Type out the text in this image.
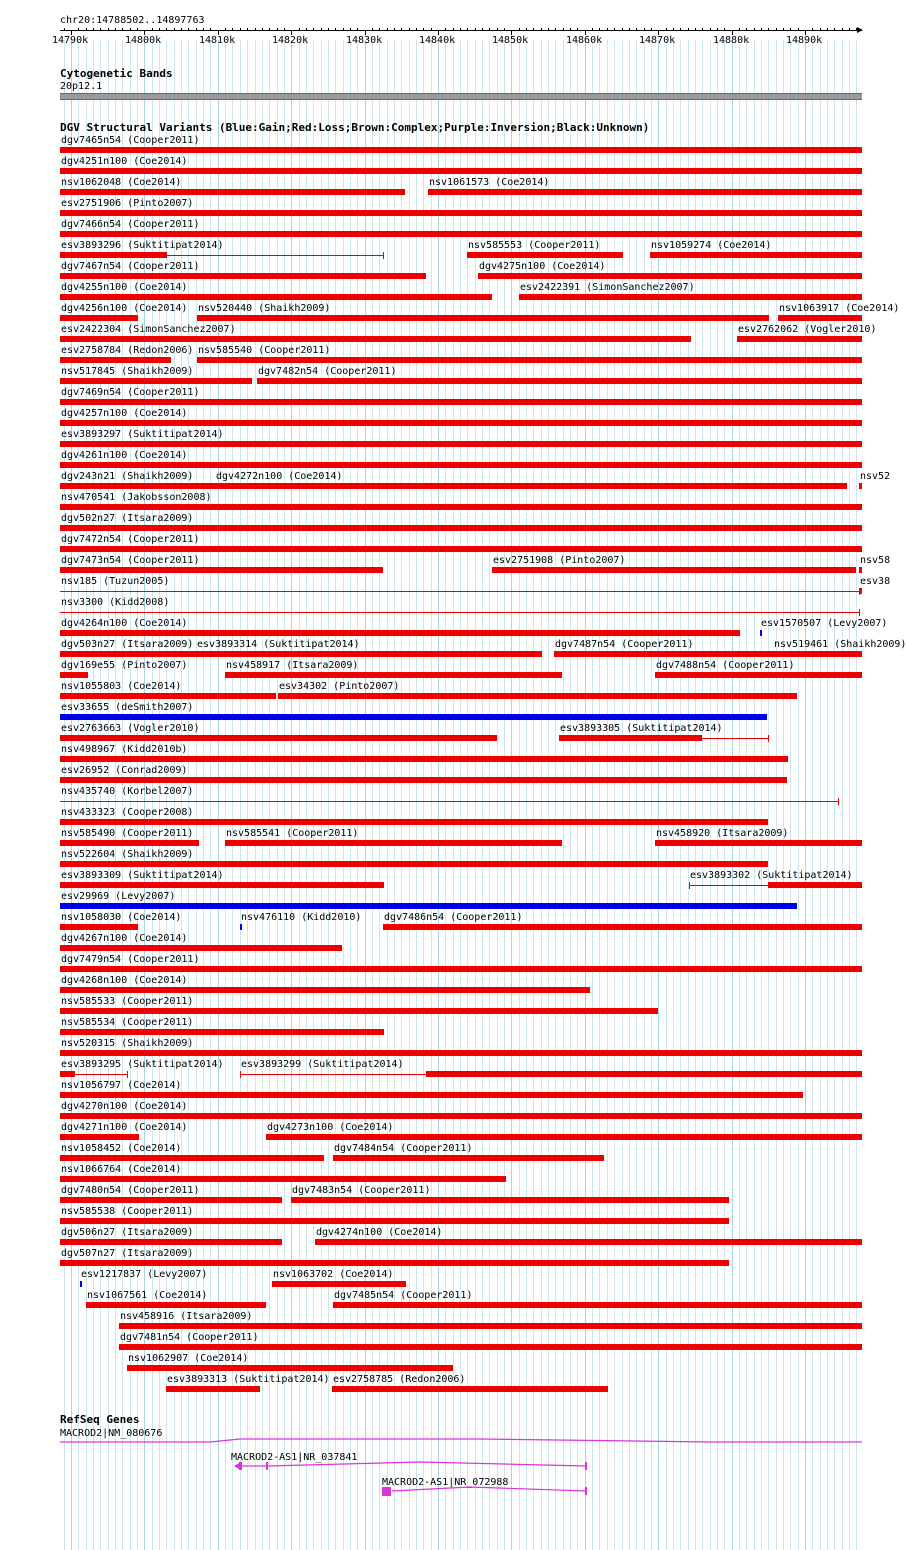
chr20:14788502..14897763
14790k	14800k	14810k	14820k	14830k	14840k	14850k	14860k	14870k	14880k	14890k
Cytogenetic Bands
20p12.1
DGV Structural Variants (Blue:Gain;Red:Loss;Brown:Complex;Purple:Inversion;Black:Unknown)
dgv7465n54 (Cooper2011)
dgv4251n100 (Coe2014)
nsv1062048 (Coe2014)	nsv1061573 (Coe2014)
esv2751906 (Pinto2007)
dgv7466n54 (Cooper2011)
esv3893296 (Suktitipat2014)	nsv585553 (Cooper2011)	nsv1059274 (Coe2014)
dgv7467n54 (Cooper2011)	dgv4275n100 (Coe2014)
dgv4255n100 (Coe2014)	esv2422391 (SimonSanchez2007)
dgv4256n100 (Coe2014) nsv520440 (Shaikh2009)	nsv1063917 (Coe2014)
esv2422304 (SimonSanchez2007)	esv2762062 (Vogler2010)
esv2758784 (Redon2006) nsv585540 (Cooper2011)
nsv517845 (Shaikh2009)	dgv7482n54 (Cooper2011)
dgv7469n54 (Cooper2011)
dgv4257n100 (Coe2014)
esv3893297 (Suktitipat2014)
dgv4261n100 (Coe2014)
dgv243n21 (Shaikh2009) dgv4272n100 (Coe2014)	nsv52
nsv470541 (Jakobsson2008)
dgv502n27 (Itsara2009)
dgv7472n54 (Cooper2011)
dgv7473n54 (Cooper2011)	esv2751908 (Pinto2007)	nsv58
nsv185 (Tuzun2005)	esv38
nsv3300 (Kidd2008)
dgv4264n100 (Coe2014)	esv1570507 (Levy2007)
dgv503n27 (Itsara2009) esv3893314 (Suktitipat2014)	dgv7487n54 (Cooper2011)	nsv519461 (Shaikh2009)
dgv169e55 (Pinto2007)	nsv458917 (Itsara2009)	dgv7488n54 (Cooper2011)
nsv1055803 (Coe2014)	esv34302 (Pinto2007)
esv33655 (deSmith2007)
esv2763663 (Vogler2010)	esv3893305 (Suktitipat2014)
nsv498967 (Kidd2010b)
esv26952 (Conrad2009)
nsv435740 (Korbel2007)
nsv433323 (Cooper2008)
nsv585490 (Cooper2011)	nsv585541 (Cooper2011)	nsv458920 (Itsara2009)
nsv522604 (Shaikh2009)
esv3893309 (Suktitipat2014)	esv3893302 (Suktitipat2014)
esv29969 (Levy2007)
nsv1058030 (Coe2014)	nsv476110 (Kidd2010) dgv7486n54 (Cooper2011)
dgv4267n100 (Coe2014)
dgv7479n54 (Cooper2011)
dgv4268n100 (Coe2014)
nsv585533 (Cooper2011)
nsv585534 (Cooper2011)
nsv520315 (Shaikh2009)
esv3893295 (Suktitipat2014) esv3893299 (Suktitipat2014)
nsv1056797 (Coe2014)
dgv4270n100 (Coe2014)
dgv4271n100 (Coe2014)	dgv4273n100 (Coe2014)
nsv1058452 (Coe2014)	dgv7484n54 (Cooper2011)
nsv1066764 (Coe2014)
dgv7480n54 (Cooper2011)	dgv7483n54 (Cooper2011)
nsv585538 (Cooper2011)
dgv506n27 (Itsara2009)	dgv4274n100 (Coe2014)
dgv507n27 (Itsara2009)
esv1217837 (Levy2007)	nsv1063702 (Coe2014)
nsv1067561 (Coe2014)	dgv7485n54 (Cooper2011)
nsv458916 (Itsara2009)
dgv7481n54 (Cooper2011)
nsv1062907 (Coe2014)
esv3893313 (Suktitipat2014) esv2758785 (Redon2006)
RefSeq Genes
MACROD2|NM_080676
MACROD2-AS1|NR_037841
MACROD2-AS1|NR_072988
